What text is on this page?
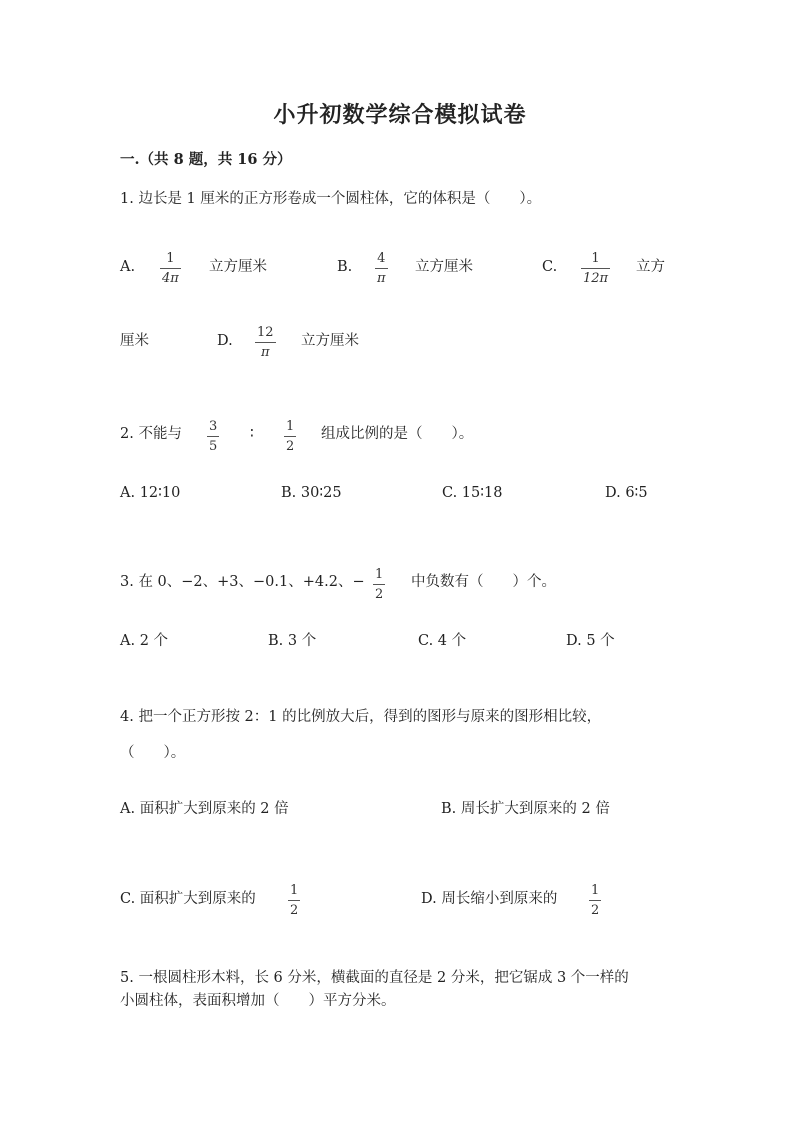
小升初数学综合模拟试卷
一.（共 8 题，共 16 分）
1. 边长是 1 厘米的正方形卷成一个圆柱体，它的体积是（　　）。
A.
1
4π
立方厘米	B.
4
π
立方厘米	C.
1
12π
立方
厘米	D.
12
π
立方厘米
2. 不能与 3
5
∶ 1
2
组成比例的是（　　）。
A. 12∶10	B. 30∶25	C. 15∶18	D. 6∶5
3. 在 0、−2、+3、−0.1、+4.2、− 1
2
中负数有（　　）个。
A. 2 个	B. 3 个	C. 4 个	D. 5 个
4. 把一个正方形按 2：1 的比例放大后，得到的图形与原来的图形相比较，
（　　）。
A. 面积扩大到原来的 2 倍	B. 周长扩大到原来的 2 倍
C. 面积扩大到原来的
1
2
D. 周长缩小到原来的
1
2
5. 一根圆柱形木料，长 6 分米，横截面的直径是 2 分米，把它锯成 3 个一样的
小圆柱体，表面积增加（　　）平方分米。
